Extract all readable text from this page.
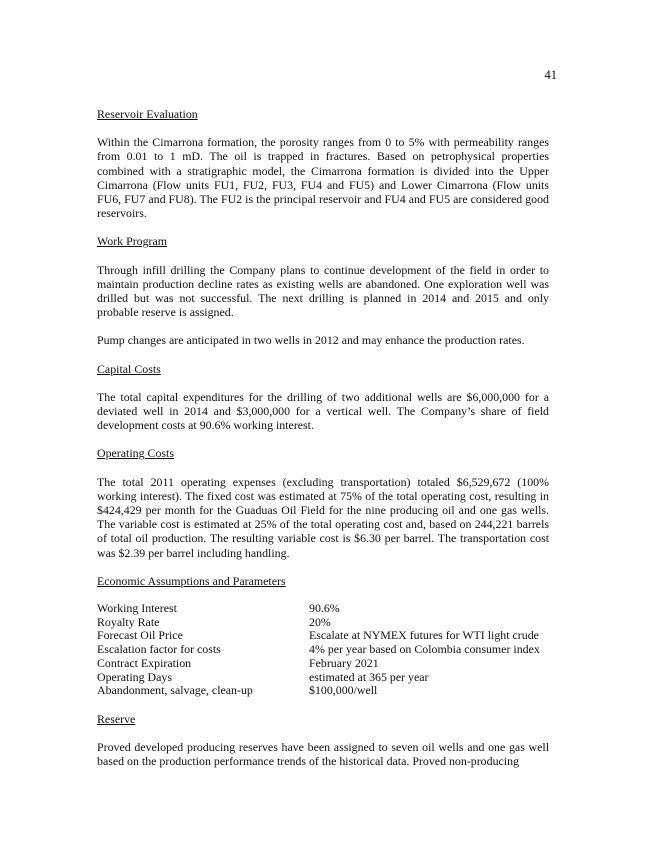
41
Reservoir Evaluation

Within the Cimarrona formation, the porosity ranges from 0 to 5% with permeability ranges from 0.01 to 1 mD. The oil is trapped in fractures. Based on petrophysical properties combined with a stratigraphic model, the Cimarrona formation is divided into the Upper Cimarrona (Flow units FU1, FU2, FU3, FU4 and FU5) and Lower Cimarrona (Flow units FU6, FU7 and FU8). The FU2 is the principal reservoir and FU4 and FU5 are considered good reservoirs.

Work Program

Through infill drilling the Company plans to continue development of the field in order to maintain production decline rates as existing wells are abandoned. One exploration well was drilled but was not successful. The next drilling is planned in 2014 and 2015 and only probable reserve is assigned.

Pump changes are anticipated in two wells in 2012 and may enhance the production rates.

Capital Costs

The total capital expenditures for the drilling of two additional wells are $6,000,000 for a deviated well in 2014 and $3,000,000 for a vertical well. The Company’s share of field development costs at 90.6% working interest.

Operating Costs

The total 2011 operating expenses (excluding transportation) totaled $6,529,672 (100% working interest). The fixed cost was estimated at 75% of the total operating cost, resulting in $424,429 per month for the Guaduas Oil Field for the nine producing oil and one gas wells. The variable cost is estimated at 25% of the total operating cost and, based on 244,221 barrels of total oil production. The resulting variable cost is $6.30 per barrel. The transportation cost was $2.39 per barrel including handling.

Economic Assumptions and Parameters
Working Interest	90.6%
Royalty Rate	20%
Forecast Oil Price	Escalate at NYMEX futures for WTI light crude
Escalation factor for costs	4% per year based on Colombia consumer index
Contract Expiration	February 2021
Operating Days	estimated at 365 per year
Abandonment, salvage, clean-up	$100,000/well
Reserve

Proved developed producing reserves have been assigned to seven oil wells and one gas well based on the production performance trends of the historical data. Proved non-producing
